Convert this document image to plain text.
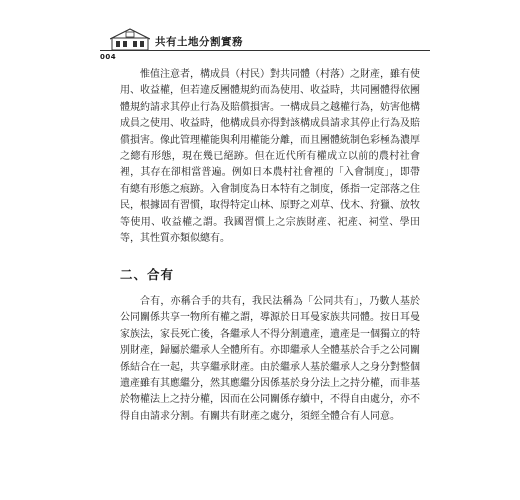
共有土地分割實務
004

惟值注意者，構成員（村民）對共同體（村落）之財產，雖有使用、收益權，但若違反團體規約而為使用、收益時，共同團體得依團體規約請求其停止行為及賠償損害。一構成員之越權行為，妨害他構成員之使用、收益時，他構成員亦得對該構成員請求其停止行為及賠償損害。像此管理權能與利用權能分離，而且團體統制色彩極為濃厚之總有形態，現在幾已絕跡。但在近代所有權成立以前的農村社會裡，其存在卻相當普遍。例如日本農村社會裡的「入會制度」，即帶有總有形態之痕跡。入會制度為日本特有之制度，係指一定部落之住民，根據固有習慣，取得特定山林、原野之刈草、伐木、狩獵、放牧等使用、收益權之謂。我國習慣上之宗族財產、祀產、祠堂、學田等，其性質亦類似總有。

二、合有

合有，亦稱合手的共有，我民法稱為「公同共有」，乃數人基於公同關係共享一物所有權之謂，導源於日耳曼家族共同體。按日耳曼家族法，家長死亡後，各繼承人不得分割遺產，遺產是一個獨立的特別財產，歸屬於繼承人全體所有。亦即繼承人全體基於合手之公同關係結合在一起，共享繼承財產。由於繼承人基於繼承人之身分對整個遺產雖有其應繼分，然其應繼分因係基於身分法上之持分權，而非基於物權法上之持分權，因而在公同關係存續中，不得自由處分，亦不得自由請求分割。有關共有財產之處分，須經全體合有人同意。
